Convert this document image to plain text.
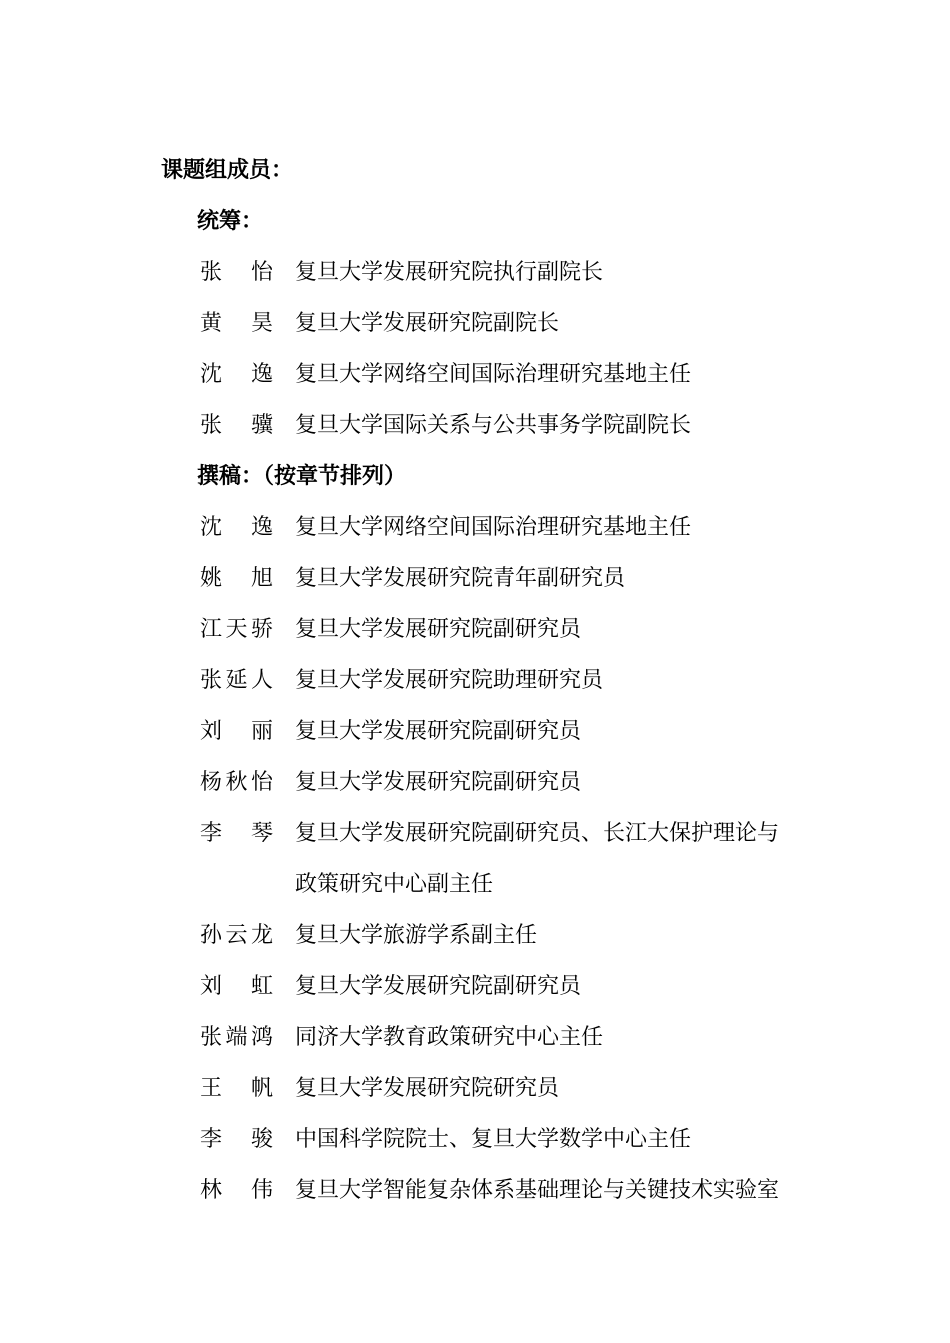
课题组成员：
统筹：
张怡 复旦大学发展研究院执行副院长
黄昊 复旦大学发展研究院副院长
沈逸 复旦大学网络空间国际治理研究基地主任
张骥 复旦大学国际关系与公共事务学院副院长
撰稿：（按章节排列）
沈逸 复旦大学网络空间国际治理研究基地主任
姚旭 复旦大学发展研究院青年副研究员
江天骄 复旦大学发展研究院副研究员
张延人 复旦大学发展研究院助理研究员
刘丽 复旦大学发展研究院副研究员
杨秋怡 复旦大学发展研究院副研究员
李琴 复旦大学发展研究院副研究员、长江大保护理论与政策研究中心副主任
孙云龙 复旦大学旅游学系副主任
刘虹 复旦大学发展研究院副研究员
张端鸿 同济大学教育政策研究中心主任
王帆 复旦大学发展研究院研究员
李骏 中国科学院院士、复旦大学数学中心主任
林伟 复旦大学智能复杂体系基础理论与关键技术实验室
